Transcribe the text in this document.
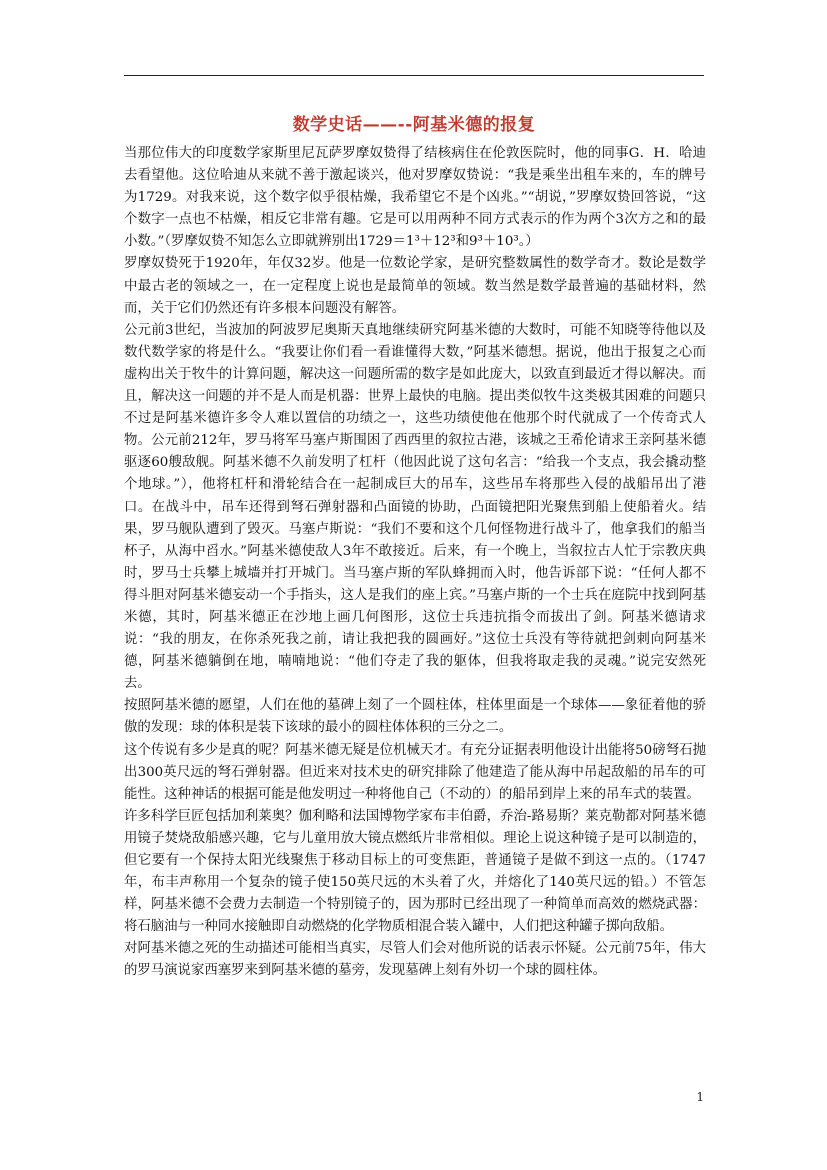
数学史话——--阿基米德的报复

当那位伟大的印度数学家斯里尼瓦萨罗摩奴贽得了结核病住在伦敦医院时，他的同事G．H．哈迪去看望他。这位哈迪从来就不善于激起谈兴，他对罗摩奴贽说：“我是乘坐出租车来的，车的牌号为1729。对我来说，这个数字似乎很枯燥，我希望它不是个凶兆。”“胡说，”罗摩奴贽回答说，“这个数字一点也不枯燥，相反它非常有趣。它是可以用两种不同方式表示的作为两个3次方之和的最小数。”（罗摩奴贽不知怎么立即就辨别出1729＝1³＋12³和9³＋10³。）

罗摩奴贽死于1920年，年仅32岁。他是一位数论学家，是研究整数属性的数学奇才。数论是数学中最古老的领域之一，在一定程度上说也是最简单的领域。数当然是数学最普遍的基础材料，然而，关于它们仍然还有许多根本问题没有解答。

公元前3世纪，当波加的阿波罗尼奥斯天真地继续研究阿基米德的大数时，可能不知晓等待他以及数代数学家的将是什么。“我要让你们看一看谁懂得大数，”阿基米德想。据说，他出于报复之心而虚构出关于牧牛的计算问题，解决这一问题所需的数字是如此庞大，以致直到最近才得以解决。而且，解决这一问题的并不是人而是机器：世界上最快的电脑。提出类似牧牛这类极其困难的问题只不过是阿基米德许多令人难以置信的功绩之一，这些功绩使他在他那个时代就成了一个传奇式人物。公元前212年，罗马将军马塞卢斯围困了西西里的叙拉古港，该城之王希伦请求王亲阿基米德驱逐60艘敌舰。阿基米德不久前发明了杠杆（他因此说了这句名言：“给我一个支点，我会撬动整个地球。”），他将杠杆和滑轮结合在一起制成巨大的吊车，这些吊车将那些入侵的战船吊出了港口。在战斗中，吊车还得到弩石弹射器和凸面镜的协助，凸面镜把阳光聚焦到船上使船着火。结果，罗马舰队遭到了毁灭。马塞卢斯说：“我们不要和这个几何怪物进行战斗了，他拿我们的船当杯子，从海中舀水。”阿基米德使敌人3年不敢接近。后来，有一个晚上，当叙拉古人忙于宗教庆典时，罗马士兵攀上城墙并打开城门。当马塞卢斯的军队蜂拥而入时，他告诉部下说：“任何人都不得斗胆对阿基米德妄动一个手指头，这人是我们的座上宾。”马塞卢斯的一个士兵在庭院中找到阿基米德，其时，阿基米德正在沙地上画几何图形，这位士兵违抗指令而拔出了剑。阿基米德请求说：“我的朋友，在你杀死我之前，请让我把我的圆画好。”这位士兵没有等待就把剑刺向阿基米德，阿基米德躺倒在地，喃喃地说：“他们夺走了我的躯体，但我将取走我的灵魂。”说完安然死去。

按照阿基米德的愿望，人们在他的墓碑上刻了一个圆柱体，柱体里面是一个球体——象征着他的骄傲的发现：球的体积是装下该球的最小的圆柱体体积的三分之二。

这个传说有多少是真的呢？阿基米德无疑是位机械天才。有充分证据表明他设计出能将50磅弩石抛出300英尺远的弩石弹射器。但近来对技术史的研究排除了他建造了能从海中吊起敌船的吊车的可能性。这种神话的根据可能是他发明过一种将他自己（不动的）的船吊到岸上来的吊车式的装置。

许多科学巨匠包括加利莱奥？伽利略和法国博物学家布丰伯爵，乔治-路易斯？莱克勒都对阿基米德用镜子焚烧敌船感兴趣，它与儿童用放大镜点燃纸片非常相似。理论上说这种镜子是可以制造的，但它要有一个保持太阳光线聚焦于移动目标上的可变焦距，普通镜子是做不到这一点的。（1747年，布丰声称用一个复杂的镜子使150英尺远的木头着了火，并熔化了140英尺远的铅。）不管怎样，阿基米德不会费力去制造一个特别镜子的，因为那时已经出现了一种简单而高效的燃烧武器：将石脑油与一种同水接触即自动燃烧的化学物质相混合装入罐中，人们把这种罐子掷向敌船。

对阿基米德之死的生动描述可能相当真实，尽管人们会对他所说的话表示怀疑。公元前75年，伟大的罗马演说家西塞罗来到阿基米德的墓旁，发现墓碑上刻有外切一个球的圆柱体。

1
